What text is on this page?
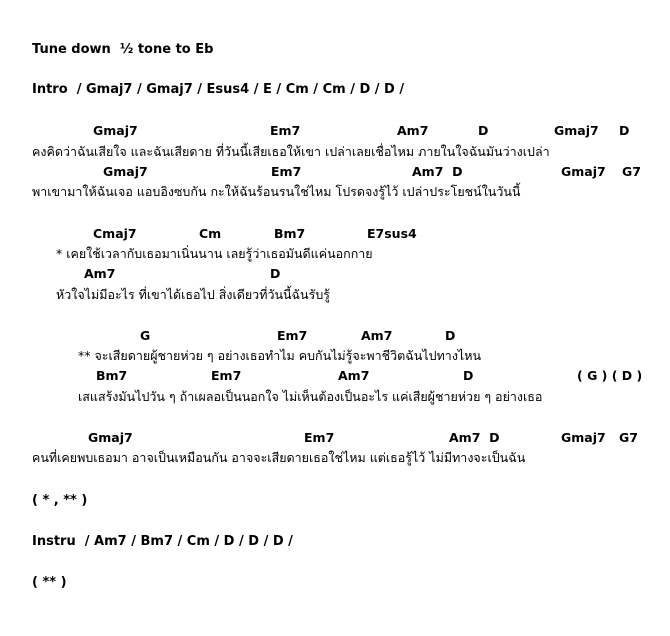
Tune down  ½ tone to Eb
Intro  / Gmaj7 / Gmaj7 / Esus4 / E / Cm / Cm / D / D /
Gmaj7	Em7	Am7	D	Gmaj7 D
คงคิดว่าฉันเสียใจ และฉันเสียดาย ที่วันนี้เสียเธอให้เขา เปล่าเลยเชื่อไหม ภายในใจฉันมันว่างเปล่า
Gmaj7	Em7	Am7  D	Gmaj7 G7
พาเขามาให้ฉันเจอ แอบอิงซบกัน กะให้ฉันร้อนรนใช่ไหม โปรดจงรู้ไว้ เปล่าประโยชน์ในวันนี้
Cmaj7	Cm	Bm7	E7sus4
* เคยใช้เวลากับเธอมาเนิ่นนาน เลยรู้ว่าเธอมันดีแค่นอกกาย
Am7	D
หัวใจไม่มีอะไร ที่เขาได้เธอไป สิ่งเดียวที่วันนี้ฉันรับรู้
G	Em7	Am7	D
** จะเสียดายผู้ชายห่วย ๆ อย่างเธอทำไม คบกันไม่รู้จะพาชีวิตฉันไปทางไหน
Bm7	Em7	Am7	D	( G ) ( D )
เสแสร้งมันไปวัน ๆ ถ้าเผลอเป็นนอกใจ ไม่เห็นต้องเป็นอะไร แค่เสียผู้ชายห่วย ๆ อย่างเธอ
Gmaj7	Em7	Am7  D	Gmaj7 G7
คนที่เคยพบเธอมา อาจเป็นเหมือนกัน อาจจะเสียดายเธอใช่ไหม แต่เธอรู้ไว้ ไม่มีทางจะเป็นฉัน
( * , ** )
Instru  / Am7 / Bm7 / Cm / D / D / D /
( ** )
